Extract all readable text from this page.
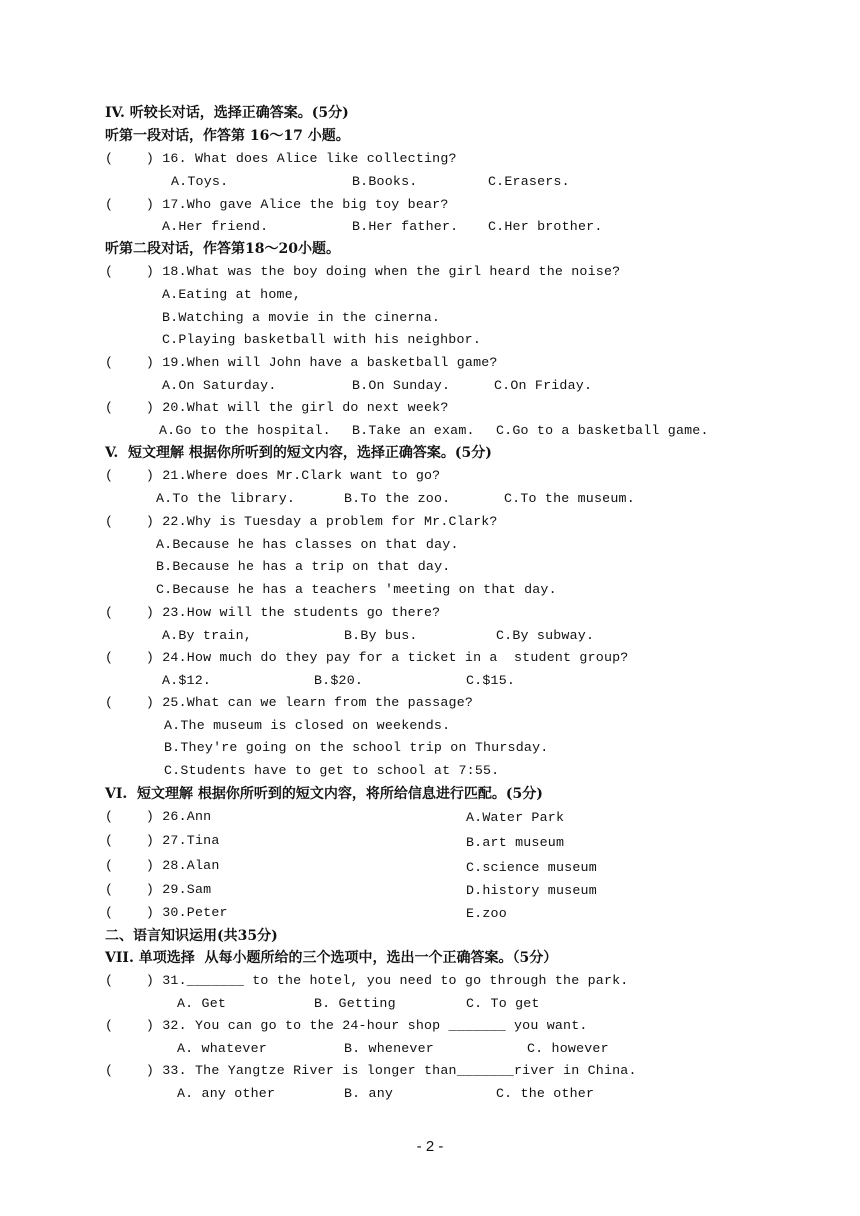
IV. 听较长对话，选择正确答案。(5分)
听第一段对话，作答第 16～17 小题。
(    ) 16. What does Alice like collecting?
A.Toys.	B.Books.	C.Erasers.
(    ) 17.Who gave Alice the big toy bear?
A.Her friend.	B.Her father. C.Her brother.
听第二段对话，作答第18～20小题。
(    ) 18.What was the boy doing when the girl heard the noise?
A.Eating at home,
B.Watching a movie in the cinerna.
C.Playing basketball with his neighbor.
(    ) 19.When will John have a basketball game?
A.On Saturday.	B.On Sunday.	C.On Friday.
(    ) 20.What will the girl do next week?
A.Go to the hospital. B.Take an exam. C.Go to a basketball game.
V.  短文理解 根据你所听到的短文内容，选择正确答案。(5分)
(    ) 21.Where does Mr.Clark want to go?
A.To the library.	B.To the zoo.	C.To the museum.
(    ) 22.Why is Tuesday a problem for Mr.Clark?
A.Because he has classes on that day.
B.Because he has a trip on that day.
C.Because he has a teachers 'meeting on that day.
(    ) 23.How will the students go there?
A.By train,	B.By bus.	C.By subway.
(    ) 24.How much do they pay for a ticket in a  student group?
A.$12.	B.$20.	C.$15.
(    ) 25.What can we learn from the passage?
A.The museum is closed on weekends.
B.They're going on the school trip on Thursday.
C.Students have to get to school at 7:55.
VI.  短文理解 根据你所听到的短文内容，将所给信息进行匹配。(5分)
(    ) 26.Ann	A.Water Park
(    ) 27.Tina	B.art museum
(    ) 28.Alan	C.science museum
(    ) 29.Sam	D.history museum
(    ) 30.Peter	E.zoo
二、语言知识运用(共35分)
VII. 单项选择  从每小题所给的三个选项中，选出一个正确答案。（5分）
(    ) 31._______ to the hotel, you need to go through the park.
A. Get	B. Getting	C. To get
(    ) 32. You can go to the 24-hour shop _______ you want.
A. whatever	B. whenever	C. however
(    ) 33. The Yangtze River is longer than_______river in China.
A. any other	B. any	C. the other
- 2 -
